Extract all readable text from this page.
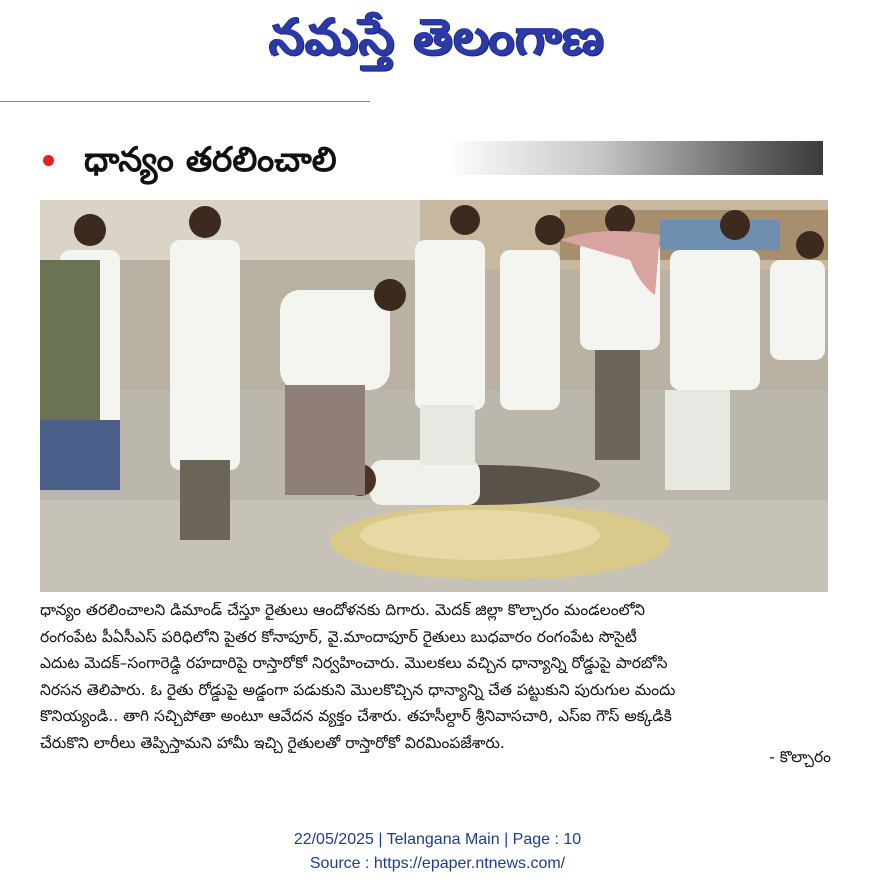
నమస్తే తెలంగాణ
ధాన్యం తరలించాలి
ధాన్యం తరలించాలని డిమాండ్ చేస్తూ రైతులు ఆందోళనకు దిగారు. మెదక్ జిల్లా కొల్చారం మండలంలోని
రంగంపేట పీఏసీఎస్ పరిధిలోని పైతర కోనాపూర్, వై.మాందాపూర్ రైతులు బుధవారం రంగంపేట సొసైటీ
ఎదుట మెదక్–సంగారెడ్డి రహదారిపై రాస్తారోకో నిర్వహించారు. మొలకలు వచ్చిన ధాన్యాన్ని రోడ్డుపై పారబోసి
నిరసన తెలిపారు. ఓ రైతు రోడ్డుపై అడ్డంగా పడుకుని మొలకొచ్చిన ధాన్యాన్ని చేత పట్టుకుని పురుగుల మందు
కొనియ్యండి.. తాగి సచ్చిపోతా అంటూ ఆవేదన వ్యక్తం చేశారు. తహసీల్దార్ శ్రీనివాసచారి, ఎస్ఐ గౌస్ అక్కడికి
చేరుకొని లారీలు తెప్పిస్తామని హామీ ఇచ్చి రైతులతో రాస్తారోకో విరమింపజేశారు.
- కొల్చారం
22/05/2025 | Telangana Main | Page : 10
Source : https://epaper.ntnews.com/
